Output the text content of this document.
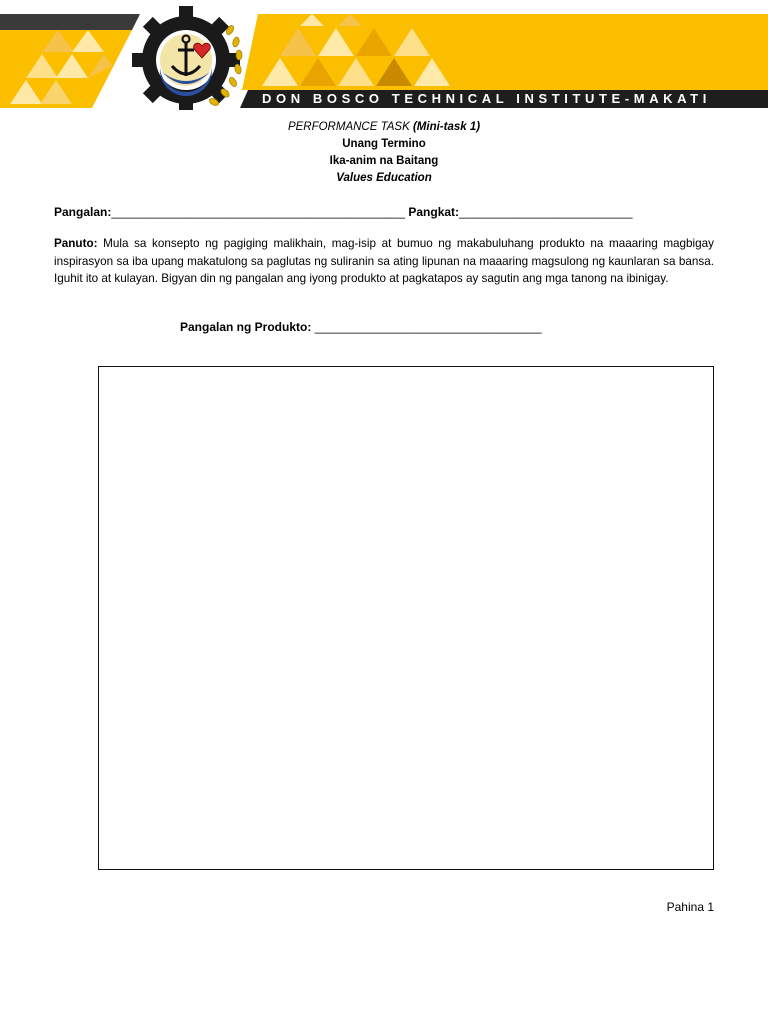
DON BOSCO TECHNICAL INSTITUTE-MAKATI
PERFORMANCE TASK (Mini-task 1)
Unang Termino
Ika-anim na Baitang
Values Education
Pangalan:____________________________________________ Pangkat:__________________________

Panuto: Mula sa konsepto ng pagiging malikhain, mag-isip at bumuo ng makabuluhang produkto na maaaring magbigay inspirasyon sa iba upang makatulong sa paglutas ng suliranin sa ating lipunan na maaaring magsulong ng kaunlaran sa bansa. Iguhit ito at kulayan. Bigyan din ng pangalan ang iyong produkto at pagkatapos ay sagutin ang mga tanong na ibinigay.

Pangalan ng Produkto: __________________________________
Pahina 1
